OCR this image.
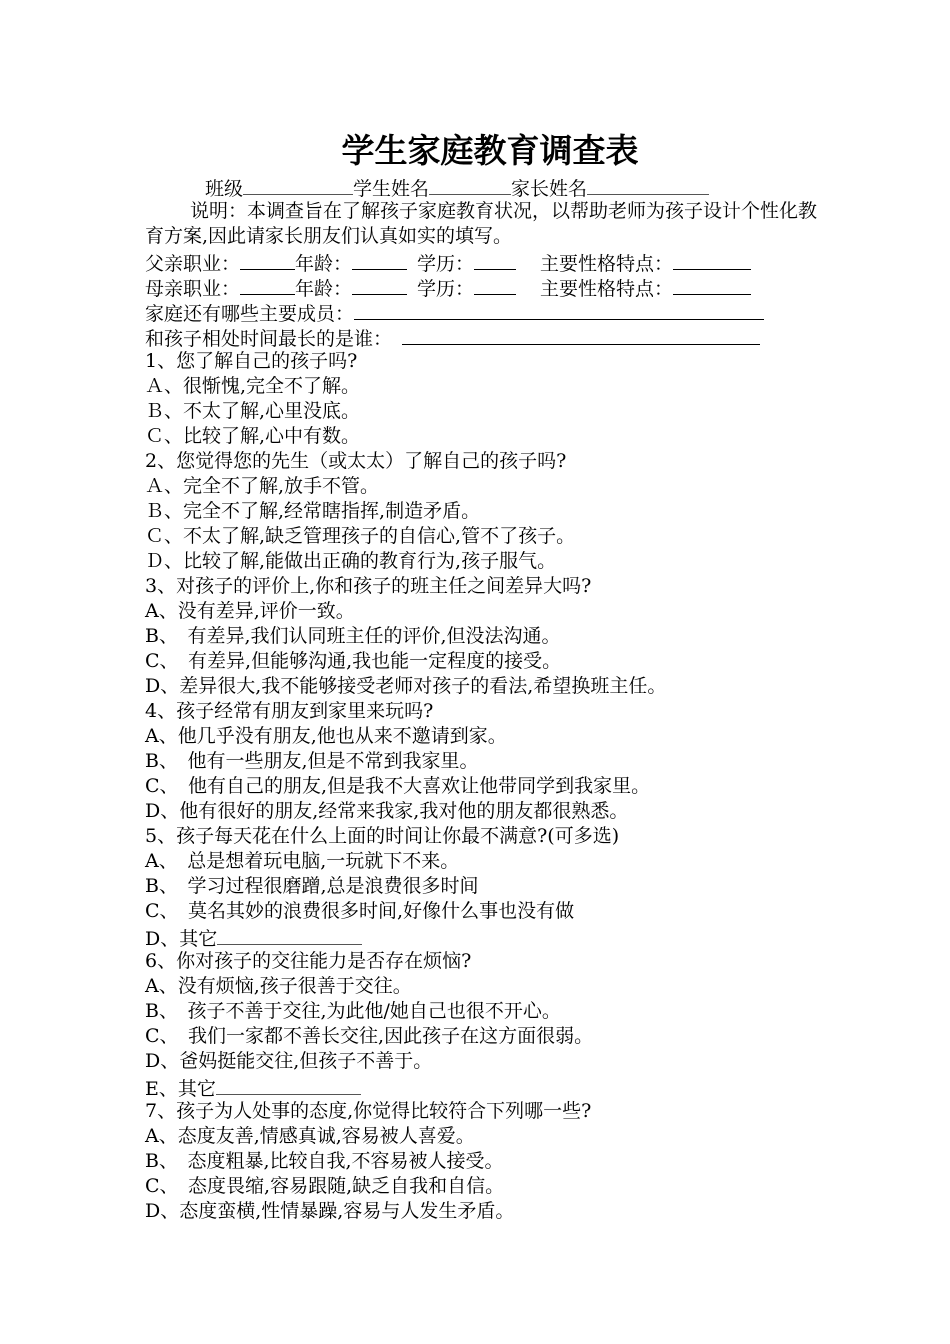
学生家庭教育调查表
班级	学生姓名	家长姓名
说明：本调查旨在了解孩子家庭教育状况，以帮助老师为孩子设计个性化教育方案,因此请家长朋友们认真如实的填写。
父亲职业：	年龄：	学历：	主要性格特点：
母亲职业：	年龄：	学历：	主要性格特点：
家庭还有哪些主要成员：
和孩子相处时间最长的是谁：
1、您了解自己的孩子吗?
Ａ、很惭愧,完全不了解。
Ｂ、不太了解,心里没底。
Ｃ、比较了解,心中有数。
2、您觉得您的先生（或太太）了解自己的孩子吗?
Ａ、完全不了解,放手不管。
Ｂ、完全不了解,经常瞎指挥,制造矛盾。
Ｃ、不太了解,缺乏管理孩子的自信心,管不了孩子。
Ｄ、比较了解,能做出正确的教育行为,孩子服气。
3、对孩子的评价上,你和孩子的班主任之间差异大吗?
A、没有差异,评价一致。
B、　有差异,我们认同班主任的评价,但没法沟通。
C、　有差异,但能够沟通,我也能一定程度的接受。
D、差异很大,我不能够接受老师对孩子的看法,希望换班主任。
4、孩子经常有朋友到家里来玩吗?
A、他几乎没有朋友,他也从来不邀请到家。
B、　他有一些朋友,但是不常到我家里。
C、　他有自己的朋友,但是我不大喜欢让他带同学到我家里。
D、他有很好的朋友,经常来我家,我对他的朋友都很熟悉。
5、孩子每天花在什么上面的时间让你最不满意?(可多选)
A、　总是想着玩电脑,一玩就下不来。
B、　学习过程很磨蹭,总是浪费很多时间
C、　莫名其妙的浪费很多时间,好像什么事也没有做
D、其它
6、你对孩子的交往能力是否存在烦恼?
A、没有烦恼,孩子很善于交往。
B、　孩子不善于交往,为此他/她自己也很不开心。
C、　我们一家都不善长交往,因此孩子在这方面很弱。
D、爸妈挺能交往,但孩子不善于。
E、其它
7、孩子为人处事的态度,你觉得比较符合下列哪一些?
A、态度友善,情感真诚,容易被人喜爱。
B、　态度粗暴,比较自我,不容易被人接受。
C、　态度畏缩,容易跟随,缺乏自我和自信。
D、态度蛮横,性情暴躁,容易与人发生矛盾。
